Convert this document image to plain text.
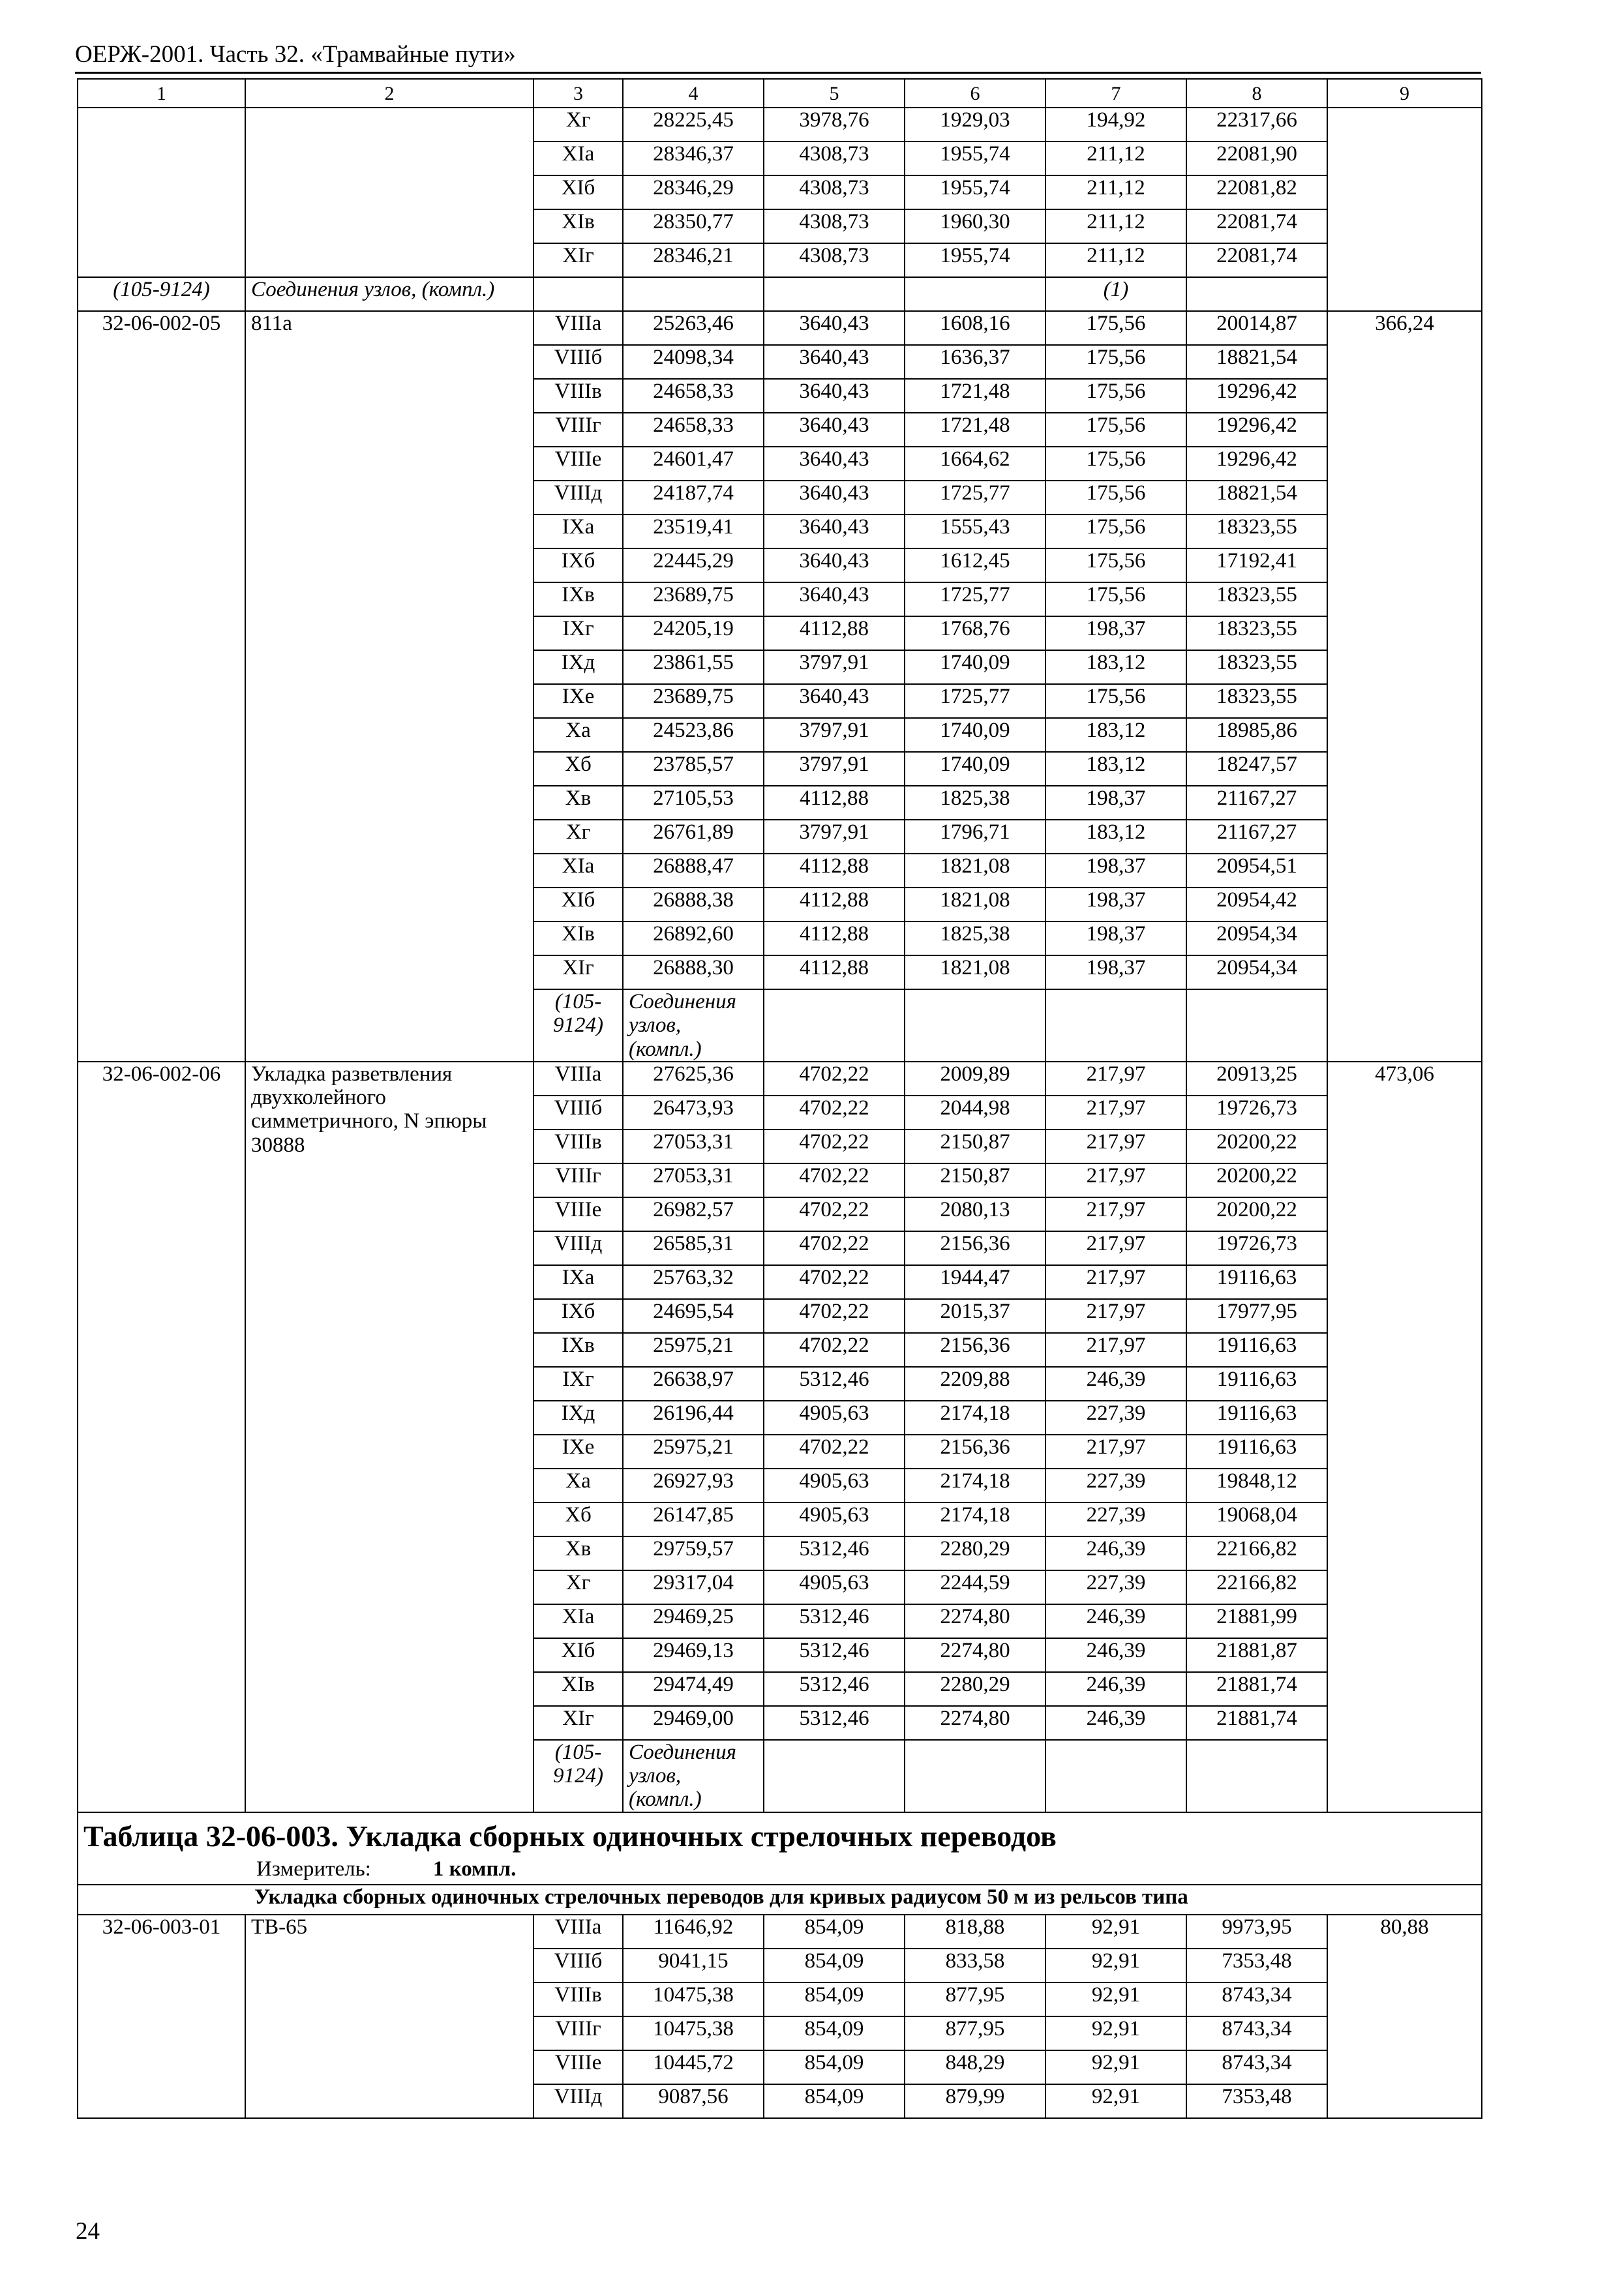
ОЕРЖ-2001. Часть 32. «Трамвайные пути»
1	2	3	4	5	6	7	8	9	
		Xг	28225,45	3978,76	1929,03	194,92	22317,66		
		XIа	28346,37	4308,73	1955,74	211,12	22081,90		
		XIб	28346,29	4308,73	1955,74	211,12	22081,82		
		XIв	28350,77	4308,73	1960,30	211,12	22081,74		
		XIг	28346,21	4308,73	1955,74	211,12	22081,74		
(105-9124)	Соединения узлов, (компл.)					(1)			
32-06-002-05	811а	VIIIа	25263,46	3640,43	1608,16	175,56	20014,87	366,24	
		VIIIб	24098,34	3640,43	1636,37	175,56	18821,54		
		VIIIв	24658,33	3640,43	1721,48	175,56	19296,42		
		VIIIг	24658,33	3640,43	1721,48	175,56	19296,42		
		VIIIе	24601,47	3640,43	1664,62	175,56	19296,42		
		VIIIд	24187,74	3640,43	1725,77	175,56	18821,54		
		IXа	23519,41	3640,43	1555,43	175,56	18323,55		
		IXб	22445,29	3640,43	1612,45	175,56	17192,41		
		IXв	23689,75	3640,43	1725,77	175,56	18323,55		
		IXг	24205,19	4112,88	1768,76	198,37	18323,55		
		IXд	23861,55	3797,91	1740,09	183,12	18323,55		
		IXе	23689,75	3640,43	1725,77	175,56	18323,55		
		Xа	24523,86	3797,91	1740,09	183,12	18985,86		
		Xб	23785,57	3797,91	1740,09	183,12	18247,57		
		Xв	27105,53	4112,88	1825,38	198,37	21167,27		
		Xг	26761,89	3797,91	1796,71	183,12	21167,27		
		XIа	26888,47	4112,88	1821,08	198,37	20954,51		
		XIб	26888,38	4112,88	1821,08	198,37	20954,42		
		XIв	26892,60	4112,88	1825,38	198,37	20954,34		
		XIг	26888,30	4112,88	1821,08	198,37	20954,34		
		(105-9124)	Соединения узлов, (компл.)						
32-06-002-06	Укладка разветвления двухколейного симметричного, N эпюры 30888	VIIIа	27625,36	4702,22	2009,89	217,97	20913,25	473,06	
		VIIIб	26473,93	4702,22	2044,98	217,97	19726,73		
		VIIIв	27053,31	4702,22	2150,87	217,97	20200,22		
		VIIIг	27053,31	4702,22	2150,87	217,97	20200,22		
		VIIIе	26982,57	4702,22	2080,13	217,97	20200,22		
		VIIIд	26585,31	4702,22	2156,36	217,97	19726,73		
		IXа	25763,32	4702,22	1944,47	217,97	19116,63		
		IXб	24695,54	4702,22	2015,37	217,97	17977,95		
		IXв	25975,21	4702,22	2156,36	217,97	19116,63		
		IXг	26638,97	5312,46	2209,88	246,39	19116,63		
		IXд	26196,44	4905,63	2174,18	227,39	19116,63		
		IXе	25975,21	4702,22	2156,36	217,97	19116,63		
		Xа	26927,93	4905,63	2174,18	227,39	19848,12		
		Xб	26147,85	4905,63	2174,18	227,39	19068,04		
		Xв	29759,57	5312,46	2280,29	246,39	22166,82		
		Xг	29317,04	4905,63	2244,59	227,39	22166,82		
		XIа	29469,25	5312,46	2274,80	246,39	21881,99		
		XIб	29469,13	5312,46	2274,80	246,39	21881,87		
		XIв	29474,49	5312,46	2280,29	246,39	21881,74		
		XIг	29469,00	5312,46	2274,80	246,39	21881,74		
		(105-9124)	Соединения узлов, (компл.)						

Таблица 32-06-003. Укладка сборных одиночных стрелочных переводов
Измеритель: 1 компл.									

Укладка сборных одиночных стрелочных переводов для кривых радиусом 50 м из рельсов типа									
32-06-003-01	ТВ-65	VIIIа	11646,92	854,09	818,88	92,91	9973,95	80,88	
		VIIIб	9041,15	854,09	833,58	92,91	7353,48		
		VIIIв	10475,38	854,09	877,95	92,91	8743,34		
		VIIIг	10475,38	854,09	877,95	92,91	8743,34		
		VIIIе	10445,72	854,09	848,29	92,91	8743,34		
		VIIIд	9087,56	854,09	879,99	92,91	7353,48		
24
